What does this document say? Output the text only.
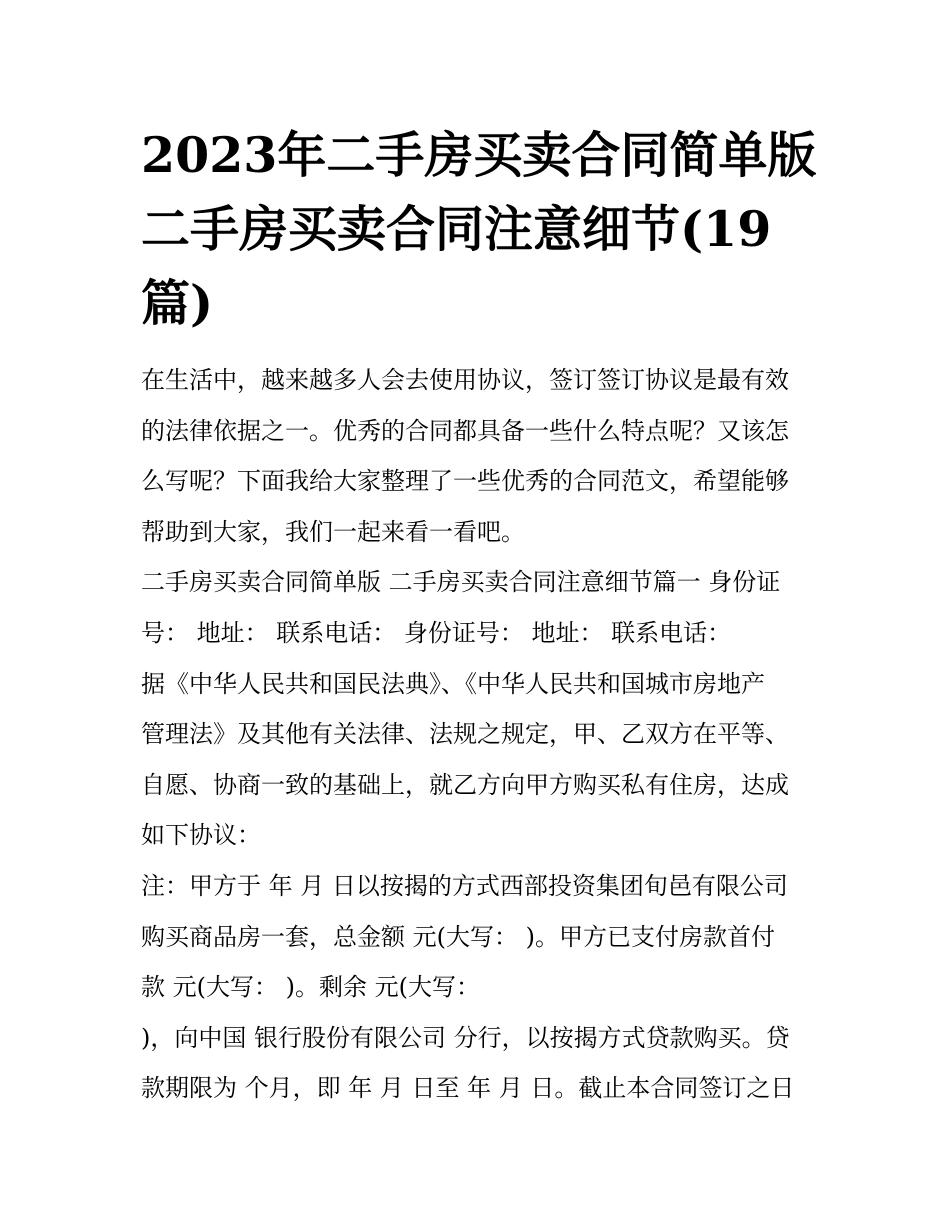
2023年二手房买卖合同简单版
二手房买卖合同注意细节(19
篇)
在生活中，越来越多人会去使用协议，签订签订协议是最有效
的法律依据之一。优秀的合同都具备一些什么特点呢？又该怎
么写呢？下面我给大家整理了一些优秀的合同范文，希望能够
帮助到大家，我们一起来看一看吧。
二手房买卖合同简单版 二手房买卖合同注意细节篇一 身份证
号： 地址： 联系电话： 身份证号： 地址： 联系电话：
据《中华人民共和国民法典》、《中华人民共和国城市房地产
管理法》及其他有关法律、法规之规定，甲、乙双方在平等、
自愿、协商一致的基础上，就乙方向甲方购买私有住房，达成
如下协议：
注：甲方于 年 月 日以按揭的方式西部投资集团旬邑有限公司
购买商品房一套，总金额 元(大写： )。甲方已支付房款首付
款 元(大写： )。剩余 元(大写：
)，向中国 银行股份有限公司 分行，以按揭方式贷款购买。贷
款期限为 个月，即 年 月 日至 年 月 日。截止本合同签订之日
